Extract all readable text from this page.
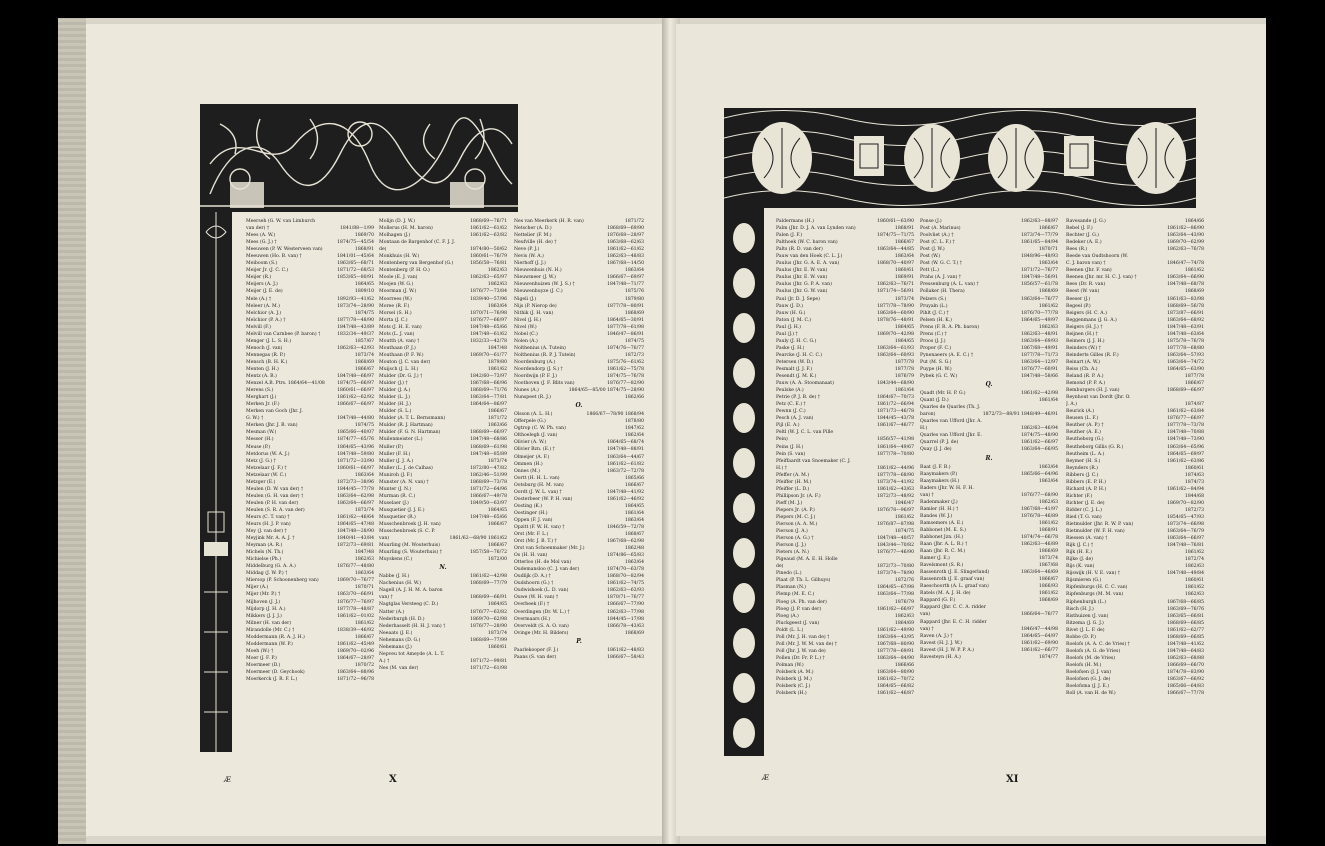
Meerseh (G. W. van Limburch
van der) †	1841/88—1/99
Mees (A. W.)	1869/70
Mees (G. J.) †	1874/75—45/54
Meeuwen (P. W. Westerveen van)	1868/91
Meeuwen (Ho. B. van) †	1841/01—45/64
Meiboom (S.)	1863/65—68/71
Meijer Jr. (J. C. C.)	1871/72—68/53
Meijer (R.)	1853/65—80/91
Meijers (A. J.)	1864/65
Meijer (J. E. de)	1809/10
Mele (A.) †	1892/93—41/62
Meleer (A. M.)	1873/74—28/90
Melchior (A. J.)	1874/75
Melchior (P. A.) †	1877/78—48/90
Melvill (F.)	1847/48—43/89
Melvill van Carnbee (P. baron) †	1832/34—49/37
Menger (J. L. S. H.)	1857/67
Menoch (J. van)	1862/63—42/93
Mennegas (R. P.)	1873/74
Mensch (B. H. K.)	1868/69
Menten (J. H.)	1866/67
Mentz (A. B.)	1847/48—66/97
Menzel A.B. Ptrs. 1864/64—41/08	1874/75—66/97
Merens (S.)	1860/61—66/97
Merghart (J.)	1861/62—62/92
Merken Jr. (F.)	1866/67—66/97
Merken van Goch (Jhr. J.
G. W.) †	1847/48—44/80
Merken (Jhr. J. B. van)	1874/75
Mesman (W.)	1865/66—40/07
Messer (H.)	1874/77—65/76
Meuse (P.)	1864/65—43/96
Metdorus (W. A. J.)	1847/48—59/80
Metz (J. G.) †	1871/72—33/90
Metzelaar (J. F.) †	1860/61—66/97
Metzelaar (W. C.)	1863/64
Metzger (E.)	1872/73—38/96
Meulen (D. W. van der) †	1844/45—77/78
Meulen (G. H. van der) †	1863/64—62/98
Meulen (P. H. van der)	1863/64—66/97
Meulen (S. R. A. van der)	1873/74
Meurs (C. T. van) †	1861/62—46/64
Meurs (H. J. P. van)	1864/65—47/48
Mey (J. van der) †	1847/48—28/90
Meyjink Mr. A. A. J. †	1840/41—43/84
Meyman (A. R.)	1872/73—69/81
Michels (N. Th.)	1847/48
Michielse (Ph.)	1862/63
Middelburg (G. A. A.)	1876/77—48/80
Middag (J. W. P.) †	1863/64
Miersop (P. Schoonenberg van)	1869/70—76/77
Mijer (A.)	1870/71
Mijer (Mr. P.) †	1863/70—66/91
Mijhoven (J. J.)	1876/77—76/97
Mijdorp (J. H. A.)	1877/78—48/87
Mikkers (J. J. J.)	1861/62—01/02
Milner (H. van der)	1861/62
Mirandolle (Mr. C.) †	1838/39—46/92
Moddermann (R. A. J. H.)	1866/67
Moddermann (W. P.)	1861/62—45/49
Moeh (W.) †	1869/70—02/96
Moer (J. F. P.)	1864/67—28/97
Moermeer (D.)	1870/72
Moermeer (D. Geychook)	1863/64—88/96
Moerkerck (J. R. F. L.)	1871/72—96/78
Molijn (D. J. W.)	1868/69—76/71
Mollerus (H. M. baron)	1861/62—61/62
Molhagen (J.)	1861/62—63/82
Montaan de Bargenhof (C. F. J. J.
de)	1874/80—50/62
Monkhuis (H. W.)	1860/61—76/79
Montenberg van Bergenhof (G.)	1856/58—76/81
Montenberg (P. H. O.)	1862/63
Moole (E. J. van)	1862/63—65/97
Moojen (W. G.)	1862/63
Moorman (J. W.)	1876/77—73/84
Moorrees (W.)	1839/40—57/96
Moree (R. F.)	1863/64
Morsel (S. H.)	1870/71—76/98
Morta (J. C.)	1876/77—66/97
Mots (J. H. E. van)	1847/48—65/66
Mots (L. J. van)	1847/48—61/62
Moutth (A. van) †	1832/33—42/78
Mouthaan (P. J.)	1847/48
Mouthaan (P. F. W.)	1869/70—61/77
Mouton (J. C. van der)	1879/80
Muijsch (J. L. H.)	1861/62
Mulder (Dr. G. J.) †	1842/60—73/97
Mulder (J.) †	1867/68—66/96
Mulder (J. A.)	1868/69—71/76
Mulder (L. J.)	1863/64—77/81
Mulder (H. J.)	1864/64—86/97
Mulder (S. L.)	1866/67
Mulder (A. T. L. Bernsmann)	1871/72
Mulder (R. J. Hartman)	1863/66
Mulder (F. G. N. Hartman)	1868/69—66/97
Muilenmeister (L.)	1847/48—68/86
Muller (P.)	1868/69—61/98
Muller (F. H.)	1847/48—85/89
Muller (J. J. A.)	1873/74
Muller (L. J. de Calhas)	1872/80—47/82
Muniroh (J. F.)	1862/46—51/99
Munster (A. N. van) †	1868/69—73/78
Munter (J. N.)	1871/72—64/96
Murman (R. C.)	1866/67—49/78
Muselaer (J.)	1849/50—63/97
Musquetier (J. J. E.)	1864/65
Musquetier (R.)	1847/48—65/66
Musschenbroek (J. H. van)	1866/67
Musschenbroek (S. C. P.
van)	1861/62—68/90 1861/62
Muurling (M. Wouterhuis)	1866/67
Muurling (S. Wouterhuis) †	1857/58—76/72
Muyskens (C.)	1872/00
N.
Nabbe (J. H.)	1861/62—42/98
Nachenius (H. W.)	1868/69—77/79
Nagell (A. J. H. M. A. baron
van) †	1868/69—66/91
Nagtglas Versteeg (C. D.)	1864/65
Natter (A.)	1876/77—63/82
Nederburgh (H. D.)	1869/70—62/98
Nederhasselt (H. H. J. van) †	1876/77—28/90
Neeaats (J. E.)	1873/74
Nehemans (D. G.)	1868/69—77/99
Nehemans (J.)	1860/61
Nepveu tot Ameyde (A. L. T.
A.) †	1871/72—99/81
Nes (M. van der)	1871/72—61/98
Nes van Meerkerk (H. R. van)	1871/72
Netscher (A. D.)	1868/69—69/90
Nettelier (F. M.)	1876/68—28/97
Neufville (H. de) †	1863/68—62/63
Neve (P. J.)	1861/62—61/62
Nevis (W. A.)	1862/63—48/83
Nierhoff (J. J.)	1867/68—14/50
Nieuwenhuis (N. H.)	1863/64
Nieuwmeer (J. W.)	1866/67—69/97
Nieuwenhuizen (W. J. S.) †	1847/48—71/77
Nieuwenhuyze (J. C.)	1875/76
Nigeli (J.)	1879/80
Nijs (P. Nierop de)	1877/78—80/91
Nithik (J. H. van)	1868/69
Nivel (J. H.)	1864/65—30/91
Nivel (W.)	1877/78—61/98
Nobel (C.)	1846/47—86/91
Nolen (A.)	1874/75
Nolthenius (A. Tutein)	1874/76—76/77
Nolthenius (R. P. J. Tutein)	1872/73
Noordenburg (A.)	1875/76—61/62
Noordendorp (J. S.) †	1861/62—75/78
Noordwijn (P. F. J.)	1874/75—76/78
Noothoven (J. F. Blits van)	1876/77—82/90
Nunes (A.)	1864/65—85/00 1874/75—28/90
Nunspeet (R. J.)	1862/66
O.
Olsson (A. L. H.)	1866/67—78/90 1868/94
Offerpele (G.)	1878/80
Ogtrop (C. W. Ph. van)	1847/62
Olthoelegh (J. van)	1862/64
Olivier (A. W.)	1864/65—68/74
Olivier Bzn. (E.) †	1847/48—88/91
Olmeijer (A. F.)	1863/64—44/67
Ommen (H.)	1861/62—61/82
Onnes (M.)	1863/72—72/78
Oortt (H. H. L. van)	1865/66
Ootsburg (H. M. van)	1866/67
Oordt (J. W. L. van) †	1847/48—41/92
Oosterbeer (W. P. H. van)	1861/62—46/92
Oosting (K.)	1864/65
Oostinger (H.)	1861/64
Oppen (F. J. van)	1863/64
Opzitt (F. W. H. van) †	1846/59—72/78
Orst (Mr. F. L.)	1868/67
Orst (Mr. J. B. T.) †	1867/68—62/98
Orst van Schoenmaker (Mr. J.)	1862/48
Os (H. H. van)	1874/86—65/83
Otterloo (H. de Mol van)	1863/64
Oudemansloo (C. J. van der)	1874/70—63/78
Oudlijk (D. A.) †	1868/70—82/94
Oudshoorn (G.) †	1861/62—74/75
Oudwishoek (L. D. van)	1862/63—63/93
Ouwe (W. H. van) †	1870/71—76/77
Overbeek (F.) †	1866/67—77/90
Overdingen (Dr. W. L.) †	1862/63—77/98
Overmaars (H.)	1844/45—17/98
Overveldt (S. A. O. van)	1866/78—43/63
Ovinge (Mr. H. Bilders)	1868/69
P.
Paarlekooper (F. J.)	1861/62—48/83
Paans (S. van der)	1866/67—58/43
Æ	X
Paldermans (H.)	1860/61—63/90
Palm (Jhr. D. J. A. van Lynden van)	1868/91
Palen (J. F.)	1874/75—71/75
Palthoek (W. C. baron van)	1866/67
Palts (R. D. van der)	1863/64—44/85
Pauw van den Hoek (C. L. J.)	1863/64
Paulus (Jhr. G. A. E. A. van)	1868/70—40/97
Paulus (Jhr. E. W. van)	1860/61
Paulus (Jhr. E. W. van)	1869/91
Paulus (Jhr. G. P. A. van)	1862/63—76/71
Paulus (Jhr. G. W. van)	1871/74—56/91
Paul (Jr. D. J. Sepe)	1873/74
Pauw (J. D.)	1877/78—78/90
Pauw (H. G.)	1863/64—60/90
Paton (J. M. C.)	1878/76—48/91
Paul (J. H.)	1864/65
Paul (J.) †	1869/70—42/98
Pauly (J. H. C. G.)	1864/65
Paske (J. H.)	1863/64—61/93
Pearcke (J. H. C. C.)	1863/64—60/93
Petersen (W. D.)	1877/78
Pesmalt (J. J. F.)	1877/78
Pesendt (J. M. K.)	1876/79
Pauw (A. A. Stoomanaat)	1843/44—68/90
Peulske (A.)	1861/64
Petrie (P. J. B. de) †	1864/67—70/73
Petz (C. E.) †	1861/72—66/94
Pewnn (J. C.)	1871/73—46/78
Pesch (A. J. van)	1844/45—43/78
Pijl (E. A.)	1861/67—46/77
Peltl (W. J. C. L. van Pille
Pein)	1856/57—41/98
Peins (J. H.)	1861/64—49/67
Pein (S. van)	1877/78—70/80
Pfeiffaardt van Snoemaker (C. J.
H.) †	1861/62—44/96
Pfeffer (A. M.)	1877/78—68/90
Pfeiffer (H. M.)	1873/74—41/92
Pfeiffer (L. D.)	1861/62—43/63
Phillipson Jr. (A. F.)	1872/73—48/92
Pieff (M. J.)	1846/47
Piepers Jr. (A. P.)	1876/78—96/97
Piepers (M. C. J.)	1861/62
Pierson (A. A. M.)	1876/87—87/98
Pierson (J. A.)	1874/75
Pierson (A. G.) †	1847/48—40/57
Pierson (J. J.)	1843/44—70/82
Pieters (A. N.)	1876/77—46/90
Pigeaud (M. A. E. H. Holle
de)	1872/73—70/80
Pinedo (L.)	1873/74—78/90
Plaat (P. Th. L. Gilhuys)	1872/76
Plasman (N.)	1864/65—67/98
Plemp (M. E. C.)	1863/64—77/98
Ploeg (A. Ph. van der)	1876/79
Ploeg (J. P. van der)	1861/62—66/97
Ploeg (A.)	1862/63
Pluckgeest (J. van)	1864/69
Poldt (L. L.)	1861/62—49/90
Poll (Mr. J. H. van de) †	1863/64—43/95
Poll (Mr. J. W. M. van de) †	1867/68—80/90
Poll (Jhr. J. W. van de)	1877/78—69/91
Pollen (Dr. Fr. P. L.) †	1863/64—84/90
Polman (W.)	1866/66
Polsberk (A. M.)	1863/64—80/90
Polsberk (J. M.)	1861/62—70/72
Polsberk (C. J.)	1864/65—66/82
Polsberk (H.)	1861/62—46/87
Ponse (J.)	1862/63—88/97
Post (A. Marinus)	1866/67
Poolvliet (A.) †	1873/74—77/79
Post (C. L. F.) †	1861/65—84/94
Post (J. W.)	1870/71
Post (W.)	1848/96—48/93
Post (W. G. C. T.) †	1863/64
Pott (L.)	1871/72—76/77
Prahs (A. J. van) †	1847/48—56/91
Pressenburg (A. L. van) †	1856/57—61/78
Pollaker (H. Thera)	1868/69
Pelzers (S.)	1863/64—76/77
Pruyaln (L.)	1861/62
Pihlt (J. C.) †	1876/70—77/78
Pelsen (H. K.)	1864/65—49/97
Prens (F. R. A. Ph. baron)	1862/63
Prens (C.) †	1862/63—48/91
Proos (J. J.)	1863/64—69/93
Proper (F. C.)	1867/68—49/91
Pynenaeers (A. E. C.) †	1877/78—71/73
Put (M. S. G.)	1863/64—12/97
Puype (H. W.)	1876/77—60/91
Pybek (G. C. W.)	1847/48—58/66
Q.
Quadt (Mr. H. P. G.)	1861/62—42/98
Quant (J. D.)	1861/64
Quarles de Quarles (Th. J.
baron)	1872/73—88/91 1848/49—46/91
Quarles van Ufford (Jhr. A.
H.)	1862/63—46/94
Quarles van Ufford (Jhr. E.	1874/75—48/90
Quarrel (P. J. de)	1861/62—66/97
Quay (J. J. de)	1863/64—66/95
R.
Raat (J. F. B.)	1863/64
Raaymakers (P.)	1865/66—64/96
Raaymakers (H.)	1863/64
Raders (Jhr. W. H. F. H.
van) †	1876/77—68/90
Radenmaker (J.)	1862/63
Ramler (H. H.) †	1867/68—41/97
Randes (W. J.)	1876/78—46/89
Ramsemers (A. E.)	1861/62
Rabbonet (M. E. S.)	1868/91
Rabbonet Jzn. (H.)	1874/74—66/78
Raan (Jhr. A. L. R.) †	1862/63—46/89
Raan (Jhr. R. C. M.)	1866/69
Ramer (J. E.)	1873/74
Ravelsmont (S. R.)	1867/68
Rassenroth (J. E. Slingerland)	1863/64—46/69
Rassenroth (J. E. graaf van)	1866/67
Raeschoorth (A. L. graaf van)	1866/93
Ratels (M. A. J. H. de)	1861/62
Rappard (G. F.)	1868/69
Rappard (Jhr. C. C. A. ridder
van)	1866/64—76/77
Rappard (Jhr. E. C. H. ridder
van) †	1846/47—44/98
Raven (A. J.) †	1864/65—64/97
Ravest (H. J. J. W.)	1861/62—69/90
Ravest (H. J. W. P. P. A.)	1861/62—66/77
Ravesteyn (H. A.)	1874/77
Ravesande (J. G.)	1864/66
Rebel (J. F.)	1861/62—86/90
Rechter (J. G.)	1863/64—43/90
Redeker (A. E.)	1869/70—62/99
Rees (R.)	1862/63—76/78
Reede van Oudtshoorn (W.
C. J. baron van) †	1846/47—74/78
Reenen (Jhr. F. van)	1861/62
Reenen (Jhr. mr. H. C. J. van) †	1863/64—66/90
Rees (Dr. R. van)	1847/48—68/78
Reest (W. van)	1868/69
Reeser (J.)	1861/63—83/98
Regeel (P.)	1868/69—56/78
Reigers (H. C. A.)	1873/87—66/91
Reggenmans (J. G. A.)	1863/64—68/92
Reigers (H. J.) †	1847/48—63/91
Reijnen (H.) †	1847/48—63/64
Reimers (J. J. H.)	1875/78—76/78
Reinders (W.) †	1877/78—68/80
Reinderts Gilles (R. F.)	1863/64—57/93
Reinart (A. W.)	1863/64—74/72
Reiss (Ch. A.)	1864/65—63/90
Reland (R. P. A.)	1877/78
Remond (P. P. A.)	1866/67
Remburgers (H. J. van)	1868/69—66/97
Reynhout van Dordt (Jhr. O.
J. A.)	1874/87
Reurick (A.)	1861/62—63/84
Reusen (L. F.)	1876/77—66/97
Reuther (A. P.) †	1877/78—73/78
Reuther (A. E.)	1847/48—70/88
Reutheborg (G.)	1847/48—73/90
Reutheborg Gillis (G. R.)	1863/64—65/96
Reutheim (L. A.)	1864/65—69/97
Reymer (H. S.)	1861/62—63/86
Reynders (R.)	1860/61
Ribbers (J. C.)	1874/63
Ribbers (E. P. H.)	1874/73
Richard (A. P. H.)	1861/62—84/94
Richter (F.)	1844/68
Richter (J. E. de)	1869/70—82/90
Ridder (C. J. L.)	1872/73
Ried (T. G. van)	1854/65—47/93
Rietmulder (Jhr. R. W. P. van)	1873/74—66/98
Rietmulder (W. F. H. van)	1863/64—76/79
Riessen (A. van) †	1863/64—66/97
Rijk (J. C.) †	1847/48—76/81
Rijk (H. E.)	1861/62
Rijke (J. de)	1872/74
Rijs (K. van)	1862/63
Rijswijk (H. V. E. van) †	1847/48—49/84
Rijsmieren (G.)	1860/61
Ripfenburgs (H. C. C. van)	1861/62
Ripfenburgs (M. M. van)	1862/63
Riphenburgh (L.)	1867/68—66/85
Risch (H. J.)	1863/69—76/76
Risthuizen (J. van)	1863/65—66/81
Ritzema (J. G. J.)	1868/69—66/85
Rivet (J. L. F. de)	1861/62—62/77
Robbe (D. P.)	1868/69—66/85
Roelofs (A. A. C. de Vries) †	1847/48—41/62
Roelofs (A. G. de Vries)	1847/48—64/83
Roelofs (M. de Vries)	1862/63—68/88
Roelofs (H. M.)	1866/69—66/70
Roelofsen (J. J. van)	1874/78—83/90
Roelofsen (G. J. de)	1863/67—66/92
Roelofsma (J. J. E.)	1865/66—64/83
Roll (A. van H. de W.)	1866/67—77/78
Æ	XI
